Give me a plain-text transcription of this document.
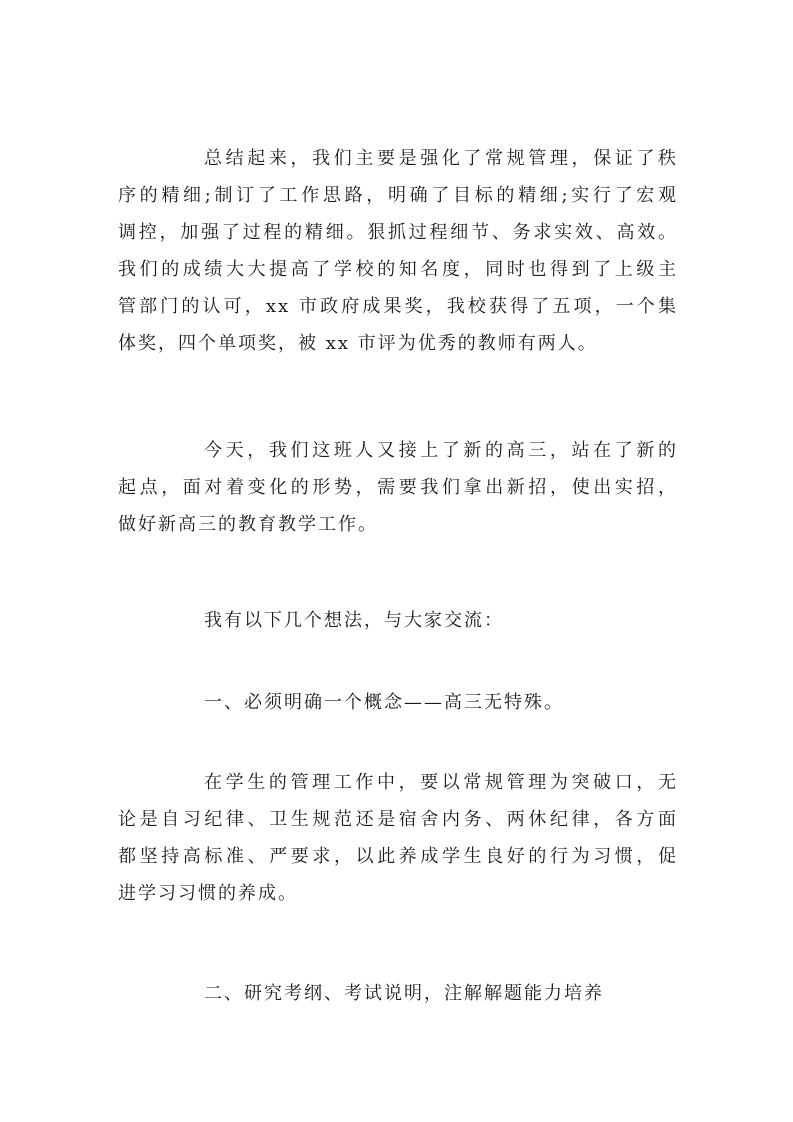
总结起来，我们主要是强化了常规管理，保证了秩
序的精细;制订了工作思路，明确了目标的精细;实行了宏观
调控，加强了过程的精细。狠抓过程细节、务求实效、高效。
我们的成绩大大提高了学校的知名度，同时也得到了上级主
管部门的认可，xx 市政府成果奖，我校获得了五项，一个集
体奖，四个单项奖，被 xx 市评为优秀的教师有两人。
今天，我们这班人又接上了新的高三，站在了新的
起点，面对着变化的形势，需要我们拿出新招，使出实招，
做好新高三的教育教学工作。
我有以下几个想法，与大家交流：
一、必须明确一个概念——高三无特殊。
在学生的管理工作中，要以常规管理为突破口，无
论是自习纪律、卫生规范还是宿舍内务、两休纪律，各方面
都坚持高标准、严要求，以此养成学生良好的行为习惯，促
进学习习惯的养成。
二、研究考纲、考试说明，注解解题能力培养
